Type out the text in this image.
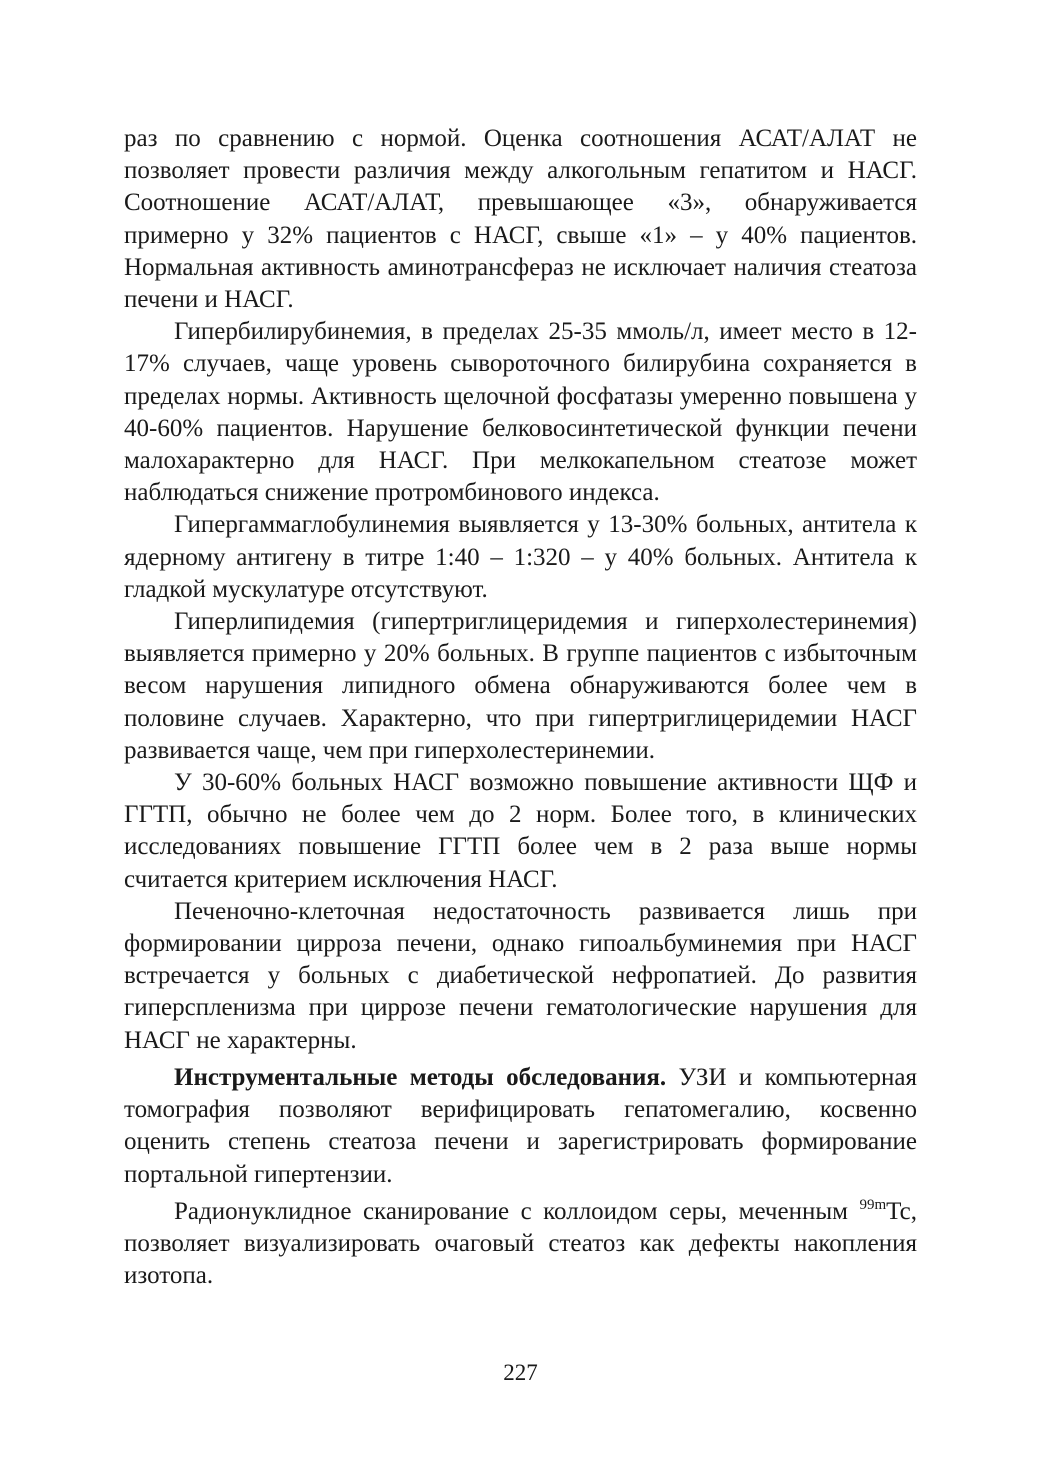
раз по сравнению с нормой. Оценка соотношения АСАТ/АЛАТ не позволяет провести различия между алкогольным гепатитом и НАСГ. Соотношение АСАТ/АЛАТ, превышающее «3», обнаруживается примерно у 32% пациентов с НАСГ, свыше «1» – у 40% пациентов. Нормальная активность аминотрансфераз не исключает наличия стеатоза печени и НАСГ.

Гипербилирубинемия, в пределах 25-35 ммоль/л, имеет место в 12-17% случаев, чаще уровень сывороточного билирубина сохраняется в пределах нормы. Активность щелочной фосфатазы умеренно повышена у 40-60% пациентов. Нарушение белковосинтетической функции печени малохарактерно для НАСГ. При мелкокапельном стеатозе может наблюдаться снижение протромбинового индекса.

Гипергаммаглобулинемия выявляется у 13-30% больных, антитела к ядерному антигену в титре 1:40 – 1:320 – у 40% больных. Антитела к гладкой мускулатуре отсутствуют.

Гиперлипидемия (гипертриглицеридемия и гиперхолестеринемия) выявляется примерно у 20% больных. В группе пациентов с избыточным весом нарушения липидного обмена обнаруживаются более чем в половине случаев. Характерно, что при гипертриглицеридемии НАСГ развивается чаще, чем при гиперхолестеринемии.

У 30-60% больных НАСГ возможно повышение активности ЩФ и ГГТП, обычно не более чем до 2 норм. Более того, в клинических исследованиях повышение ГГТП более чем в 2 раза выше нормы считается критерием исключения НАСГ.

Печеночно-клеточная недостаточность развивается лишь при формировании цирроза печени, однако гипоальбуминемия при НАСГ встречается у больных с диабетической нефропатией. До развития гиперспленизма при циррозе печени гематологические нарушения для НАСГ не характерны.

Инструментальные методы обследования. УЗИ и компьютерная томография позволяют верифицировать гепатомегалию, косвенно оценить степень стеатоза печени и зарегистрировать формирование портальной гипертензии.

Радионуклидное сканирование с коллоидом серы, меченным $^{99m}$Tc, позволяет визуализировать очаговый стеатоз как дефекты накопления изотопа.

227
